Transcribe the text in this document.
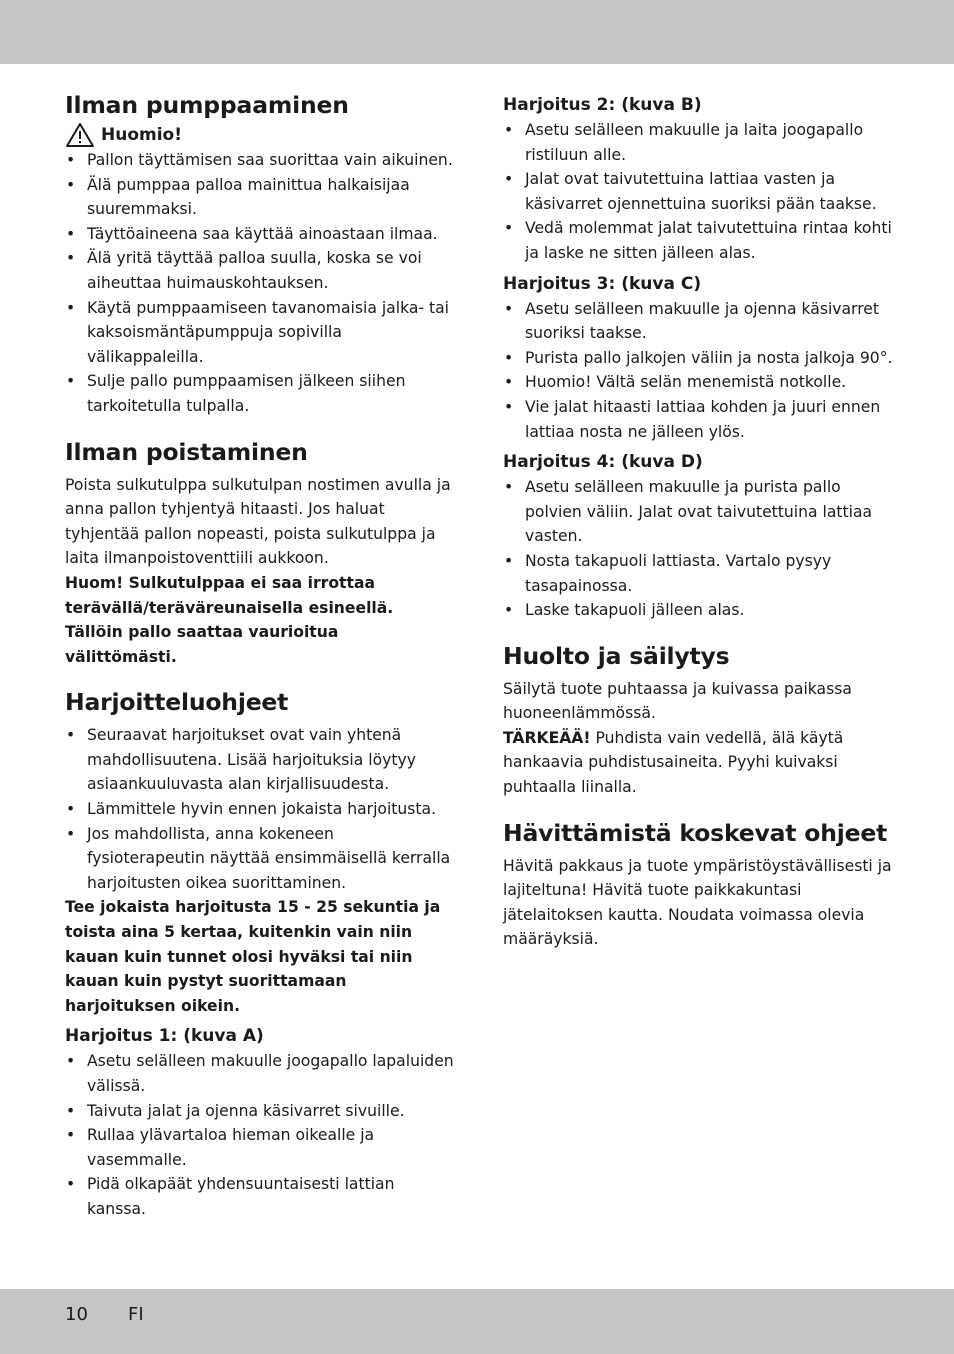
Ilman pumppaaminen
Huomio!
• Pallon täyttämisen saa suorittaa vain aikuinen.
• Älä pumppaa palloa mainittua halkaisijaa suuremmaksi.
• Täyttöaineena saa käyttää ainoastaan ilmaa.
• Älä yritä täyttää palloa suulla, koska se voi aiheuttaa huimauskohtauksen.
• Käytä pumppaamiseen tavanomaisia jalka- tai kaksoismäntäpumppuja sopivilla välikappaleilla.
• Sulje pallo pumppaamisen jälkeen siihen tarkoitetulla tulpalla.
Ilman poistaminen

Poista sulkutulppa sulkutulpan nostimen avulla ja anna pallon tyhjentyä hitaasti. Jos haluat tyhjentää pallon nopeasti, poista sulkutulppa ja laita ilmanpoistoventtiili aukkoon.

Huom! Sulkutulppaa ei saa irrottaa terävällä/teräväreunaisella esineellä. Tällöin pallo saattaa vaurioitua välittömästi.

Harjoitteluohjeet
• Seuraavat harjoitukset ovat vain yhtenä mahdollisuutena. Lisää harjoituksia löytyy asiaankuuluvasta alan kirjallisuudesta.
• Lämmittele hyvin ennen jokaista harjoitusta.
• Jos mahdollista, anna kokeneen fysioterapeutin näyttää ensimmäisellä kerralla harjoitusten oikea suorittaminen.

Tee jokaista harjoitusta 15 - 25 sekuntia ja toista aina 5 kertaa, kuitenkin vain niin kauan kuin tunnet olosi hyväksi tai niin kauan kuin pystyt suorittamaan harjoituksen oikein.

Harjoitus 1: (kuva A)
• Asetu selälleen makuulle joogapallo lapaluiden välissä.
• Taivuta jalat ja ojenna käsivarret sivuille.
• Rullaa ylävartaloa hieman oikealle ja vasemmalle.
• Pidä olkapäät yhdensuuntaisesti lattian kanssa.
Harjoitus 2: (kuva B)
• Asetu selälleen makuulle ja laita joogapallo ristiluun alle.
• Jalat ovat taivutettuina lattiaa vasten ja käsivarret ojennettuina suoriksi pään taakse.
• Vedä molemmat jalat taivutettuina rintaa kohti ja laske ne sitten jälleen alas.
Harjoitus 3: (kuva C)
• Asetu selälleen makuulle ja ojenna käsivarret suoriksi taakse.
• Purista pallo jalkojen väliin ja nosta jalkoja 90°.
• Huomio! Vältä selän menemistä notkolle.
• Vie jalat hitaasti lattiaa kohden ja juuri ennen lattiaa nosta ne jälleen ylös.
Harjoitus 4: (kuva D)
• Asetu selälleen makuulle ja purista pallo polvien väliin. Jalat ovat taivutettuina lattiaa vasten.
• Nosta takapuoli lattiasta. Vartalo pysyy tasapainossa.
• Laske takapuoli jälleen alas.
Huolto ja säilytys

Säilytä tuote puhtaassa ja kuivassa paikassa huoneenlämmössä.

TÄRKEÄÄ! Puhdista vain vedellä, älä käytä hankaavia puhdistusaineita. Pyyhi kuivaksi puhtaalla liinalla.

Hävittämistä koskevat ohjeet

Hävitä pakkaus ja tuote ympäristöystävällisesti ja lajiteltuna! Hävitä tuote paikkakuntasi jätelaitoksen kautta. Noudata voimassa olevia määräyksiä.

10 FI
